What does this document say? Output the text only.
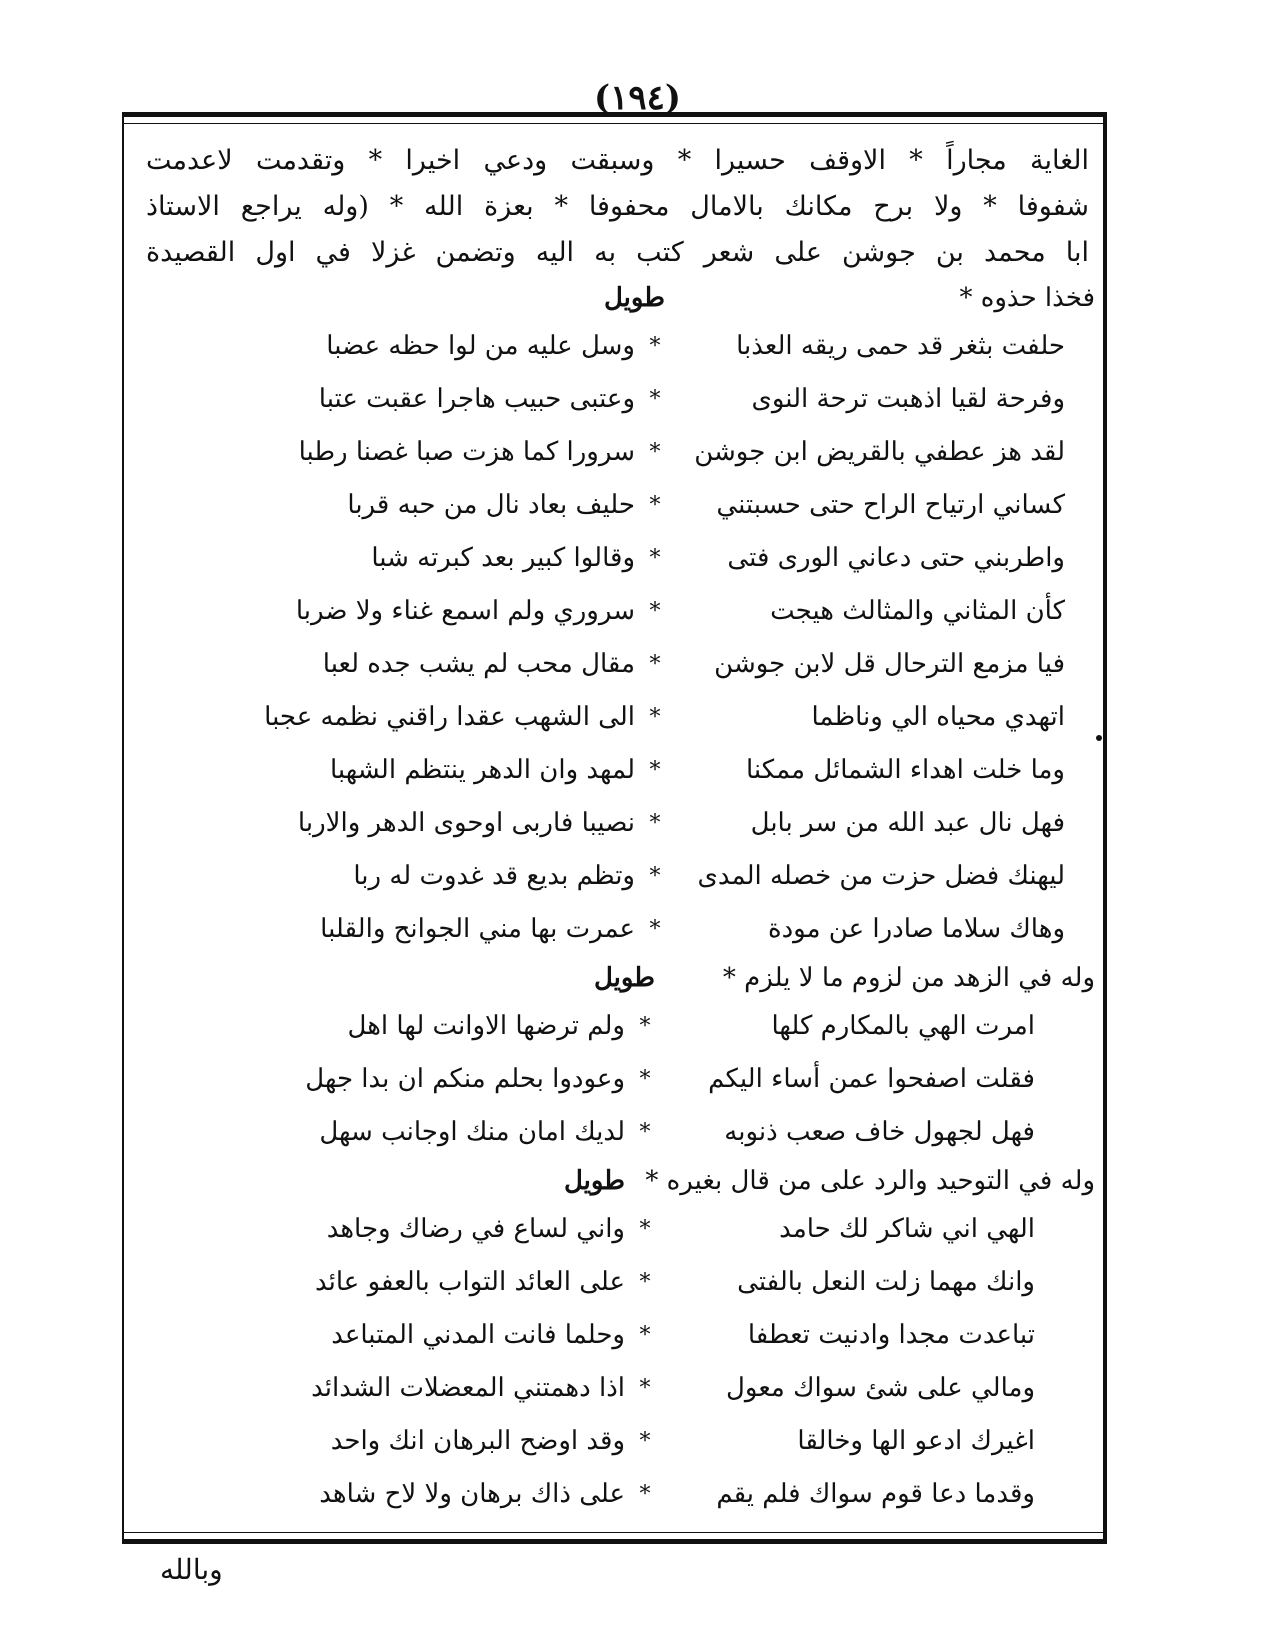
(١٩٤)
الغاية مجاراً * الاوقف حسيرا * وسبقت ودعي اخيرا * وتقدمت لاعدمت
شفوفا * ولا برح مكانك بالامال محفوفا * بعزة الله * (وله يراجع الاستاذ
ابا محمد بن جوشن على شعر كتب به اليه وتضمن غزلا في اول القصيدة
فخذا حذوه *
طويل
حلفت بثغر قد حمى ريقه العذبا
*
وسل عليه من لوا حظه عضبا
وفرحة لقيا اذهبت ترحة النوى
*
وعتبى حبيب هاجرا عقبت عتبا
لقد هز عطفي بالقريض ابن جوشن
*
سرورا كما هزت صبا غصنا رطبا
كساني ارتياح الراح حتى حسبتني
*
حليف بعاد نال من حبه قربا
واطربني حتى دعاني الورى فتى
*
وقالوا كبير بعد كبرته شبا
كأن المثاني والمثالث هيجت
*
سروري ولم اسمع غناء ولا ضربا
فيا مزمع الترحال قل لابن جوشن
*
مقال محب لم يشب جده لعبا
اتهدي محياه الي وناظما
*
الى الشهب عقدا راقني نظمه عجبا
وما خلت اهداء الشمائل ممكنا
*
لمهد وان الدهر ينتظم الشهبا
فهل نال عبد الله من سر بابل
*
نصيبا فاربى اوحوى الدهر والاربا
ليهنك فضل حزت من خصله المدى
*
وتظم بديع قد غدوت له ربا
وهاك سلاما صادرا عن مودة
*
عمرت بها مني الجوانح والقلبا
وله في الزهد من لزوم ما لا يلزم *
طويل
امرت الهي بالمكارم كلها
*
ولم ترضها الاوانت لها اهل
فقلت اصفحوا عمن أساء اليكم
*
وعودوا بحلم منكم ان بدا جهل
فهل لجهول خاف صعب ذنوبه
*
لديك امان منك اوجانب سهل
وله في التوحيد والرد على من قال بغيره *
طويل
الهي اني شاكر لك حامد
*
واني لساع في رضاك وجاهد
وانك مهما زلت النعل بالفتى
*
على العائد التواب بالعفو عائد
تباعدت مجدا وادنيت تعطفا
*
وحلما فانت المدني المتباعد
ومالي على شئ سواك معول
*
اذا دهمتني المعضلات الشدائد
اغيرك ادعو الها وخالقا
*
وقد اوضح البرهان انك واحد
وقدما دعا قوم سواك فلم يقم
*
على ذاك برهان ولا لاح شاهد
وبالله
